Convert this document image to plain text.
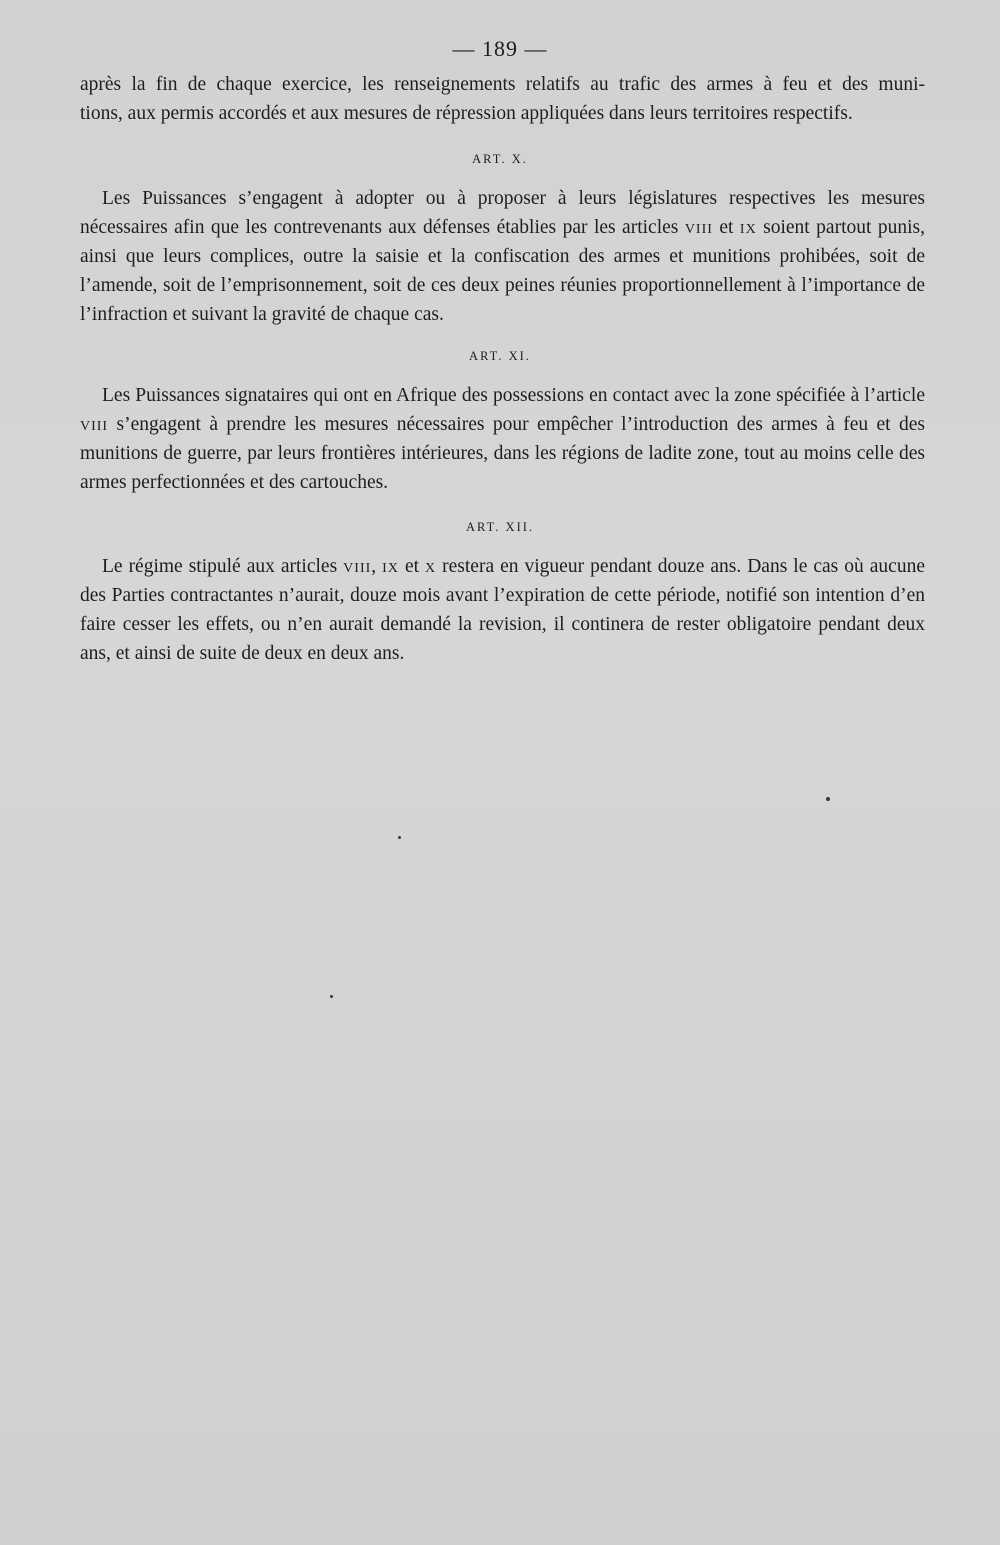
— 189 —

après la fin de chaque exercice, les renseignements relatifs au trafic des armes à feu et des muni-

tions, aux permis accordés et aux mesures de répression appliquées dans leurs territoires respectifs.

ART. X.

Les Puissances s’engagent à adopter ou à proposer à leurs législatures respectives les mesures nécessaires afin que les contrevenants aux défenses établies par les articles viii et ix soient partout punis, ainsi que leurs complices, outre la saisie et la confiscation des armes et munitions prohibées, soit de l’amende, soit de l’emprisonnement, soit de ces deux peines réunies proportionnellement à l’importance de l’infraction et suivant la gravité de chaque cas.

ART. XI.

Les Puissances signataires qui ont en Afrique des possessions en contact avec la zone spécifiée à l’article viii s’engagent à prendre les mesures nécessaires pour empêcher l’introduction des armes à feu et des munitions de guerre, par leurs frontières intérieures, dans les régions de ladite zone, tout au moins celle des armes perfectionnées et des cartouches.

ART. XII.

Le régime stipulé aux articles viii, ix et x restera en vigueur pendant douze ans. Dans le cas où aucune des Parties contractantes n’aurait, douze mois avant l’expiration de cette période, notifié son intention d’en faire cesser les effets, ou n’en aurait demandé la revision, il continera de rester obligatoire pendant deux ans, et ainsi de suite de deux en deux ans.
